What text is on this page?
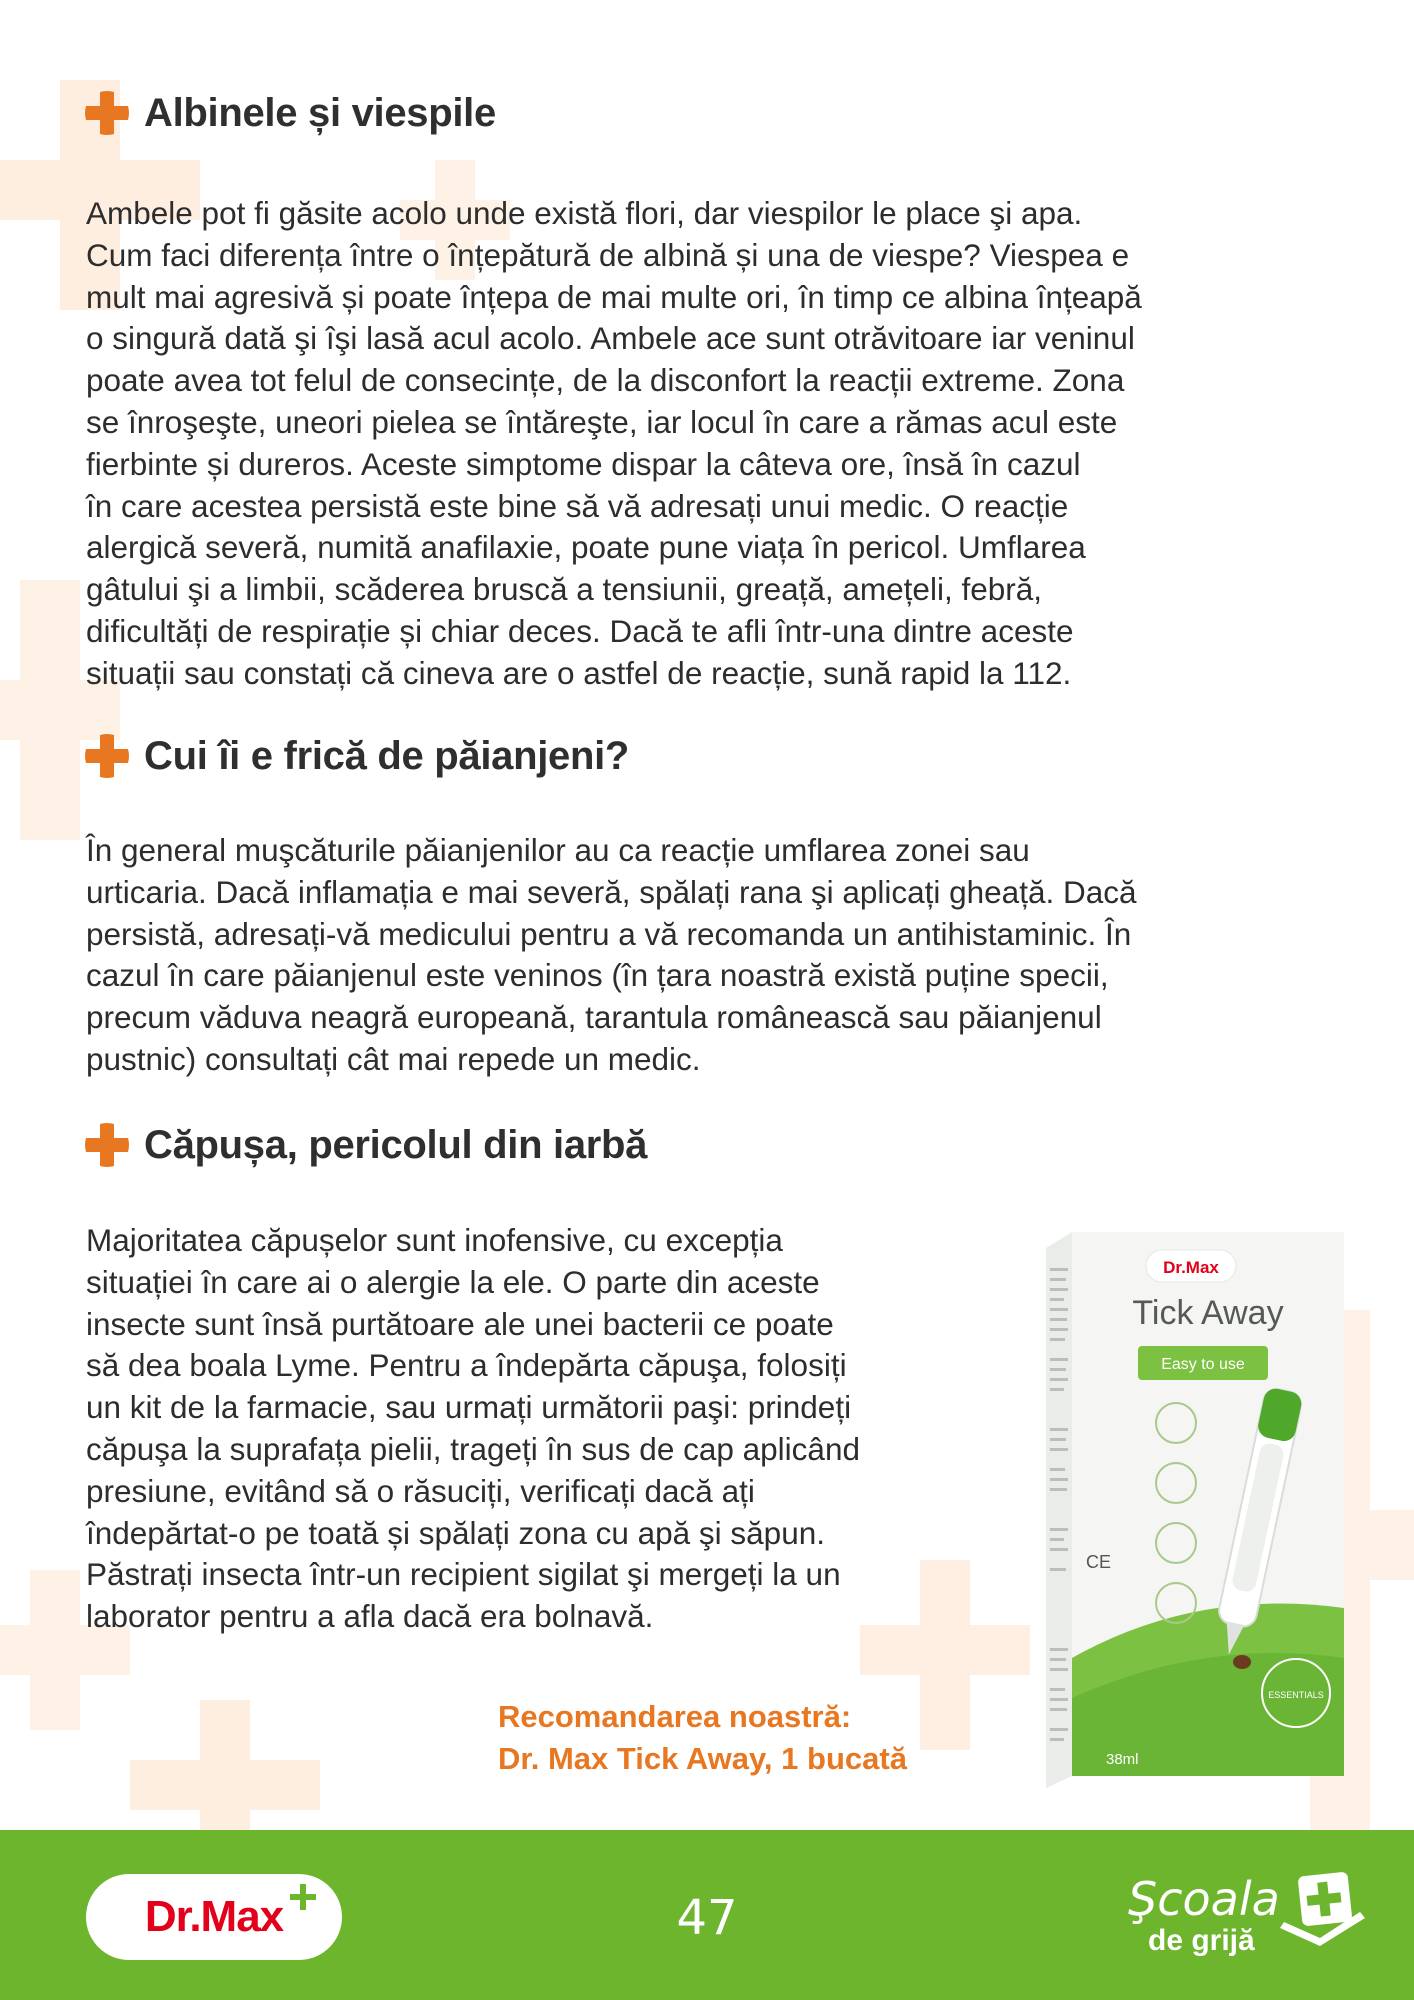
Albinele și viespile
Ambele pot fi găsite acolo unde există flori, dar viespilor le place şi apa.
Cum faci diferența între o înțepătură de albină și una de viespe? Viespea e
mult mai agresivă și poate înțepa de mai multe ori, în timp ce albina înțeapă
o singură dată şi îşi lasă acul acolo. Ambele ace sunt otrăvitoare iar veninul
poate avea tot felul de consecințe, de la disconfort la reacții extreme. Zona
se înroşeşte, uneori pielea se întăreşte, iar locul în care a rămas acul este
fierbinte și dureros. Aceste simptome dispar la câteva ore, însă în cazul
în care acestea persistă este bine să vă adresați unui medic. O reacție
alergică severă, numită anafilaxie, poate pune viața în pericol. Umflarea
gâtului şi a limbii, scăderea bruscă a tensiunii, greață, amețeli, febră,
dificultăți de respirație și chiar deces. Dacă te afli într-una dintre aceste
situații sau constați că cineva are o astfel de reacție, sună rapid la 112.
Cui îi e frică de păianjeni?
În general muşcăturile păianjenilor au ca reacție umflarea zonei sau
urticaria. Dacă inflamația e mai severă, spălați rana şi aplicați gheață. Dacă
persistă, adresați-vă medicului pentru a vă recomanda un antihistaminic. În
cazul în care păianjenul este veninos (în țara noastră există puține specii,
precum văduva neagră europeană, tarantula românească sau păianjenul
pustnic) consultați cât mai repede un medic.
Căpușa, pericolul din iarbă
Majoritatea căpușelor sunt inofensive, cu excepția
situației în care ai o alergie la ele. O parte din aceste
insecte sunt însă purtătoare ale unei bacterii ce poate
să dea boala Lyme. Pentru a îndepărta căpuşa, folosiți
un kit de la farmacie, sau urmați următorii paşi: prindeți
căpuşa la suprafața pielii, trageți în sus de cap aplicând
presiune, evitând să o răsuciți, verificați dacă ați
îndepărtat-o pe toată și spălați zona cu apă şi săpun.
Păstrați insecta într-un recipient sigilat şi mergeți la un
laborator pentru a afla dacă era bolnavă.
Recomandarea noastră:
Dr. Max Tick Away, 1 bucată
ESSENTIALS
Dr.Max
Tick Away
Easy to use
CE
38ml
Dr.Max	47	Şcoala
de grijă
